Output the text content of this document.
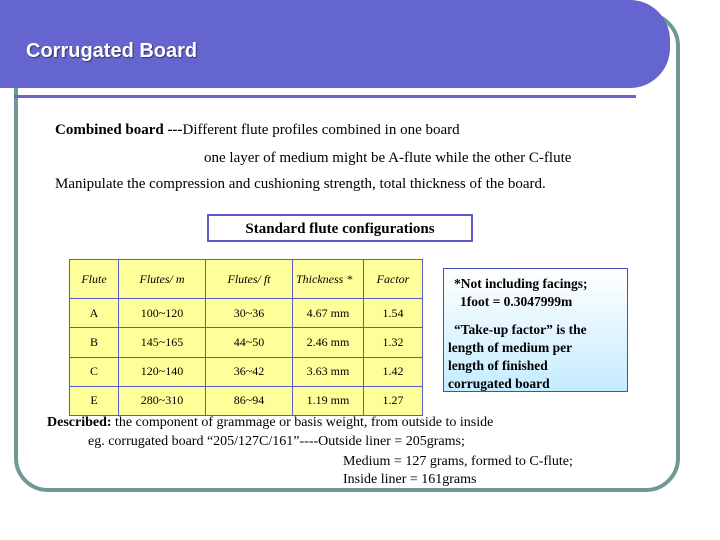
Corrugated Board
Combined board ---Different flute profiles combined in one board
one layer of medium might be A-flute while the other C-flute
Manipulate the compression and cushioning strength, total thickness of the board.
Standard flute configurations
Flute	Flutes/ m	Flutes/ ft	Thickness *	Factor
A	100~120	30~36	4.67 mm	1.54
B	145~165	44~50	2.46 mm	1.32
C	120~140	36~42	3.63 mm	1.42
E	280~310	86~94	1.19 mm	1.27
*Not including facings;
1foot = 0.3047999m
“Take-up factor” is the
length of medium per
length of finished
corrugated board
Described: the component of grammage or basis weight, from outside to inside
eg. corrugated board “205/127C/161”----Outside liner = 205grams;
Medium = 127 grams, formed to C-flute;
Inside liner = 161grams
